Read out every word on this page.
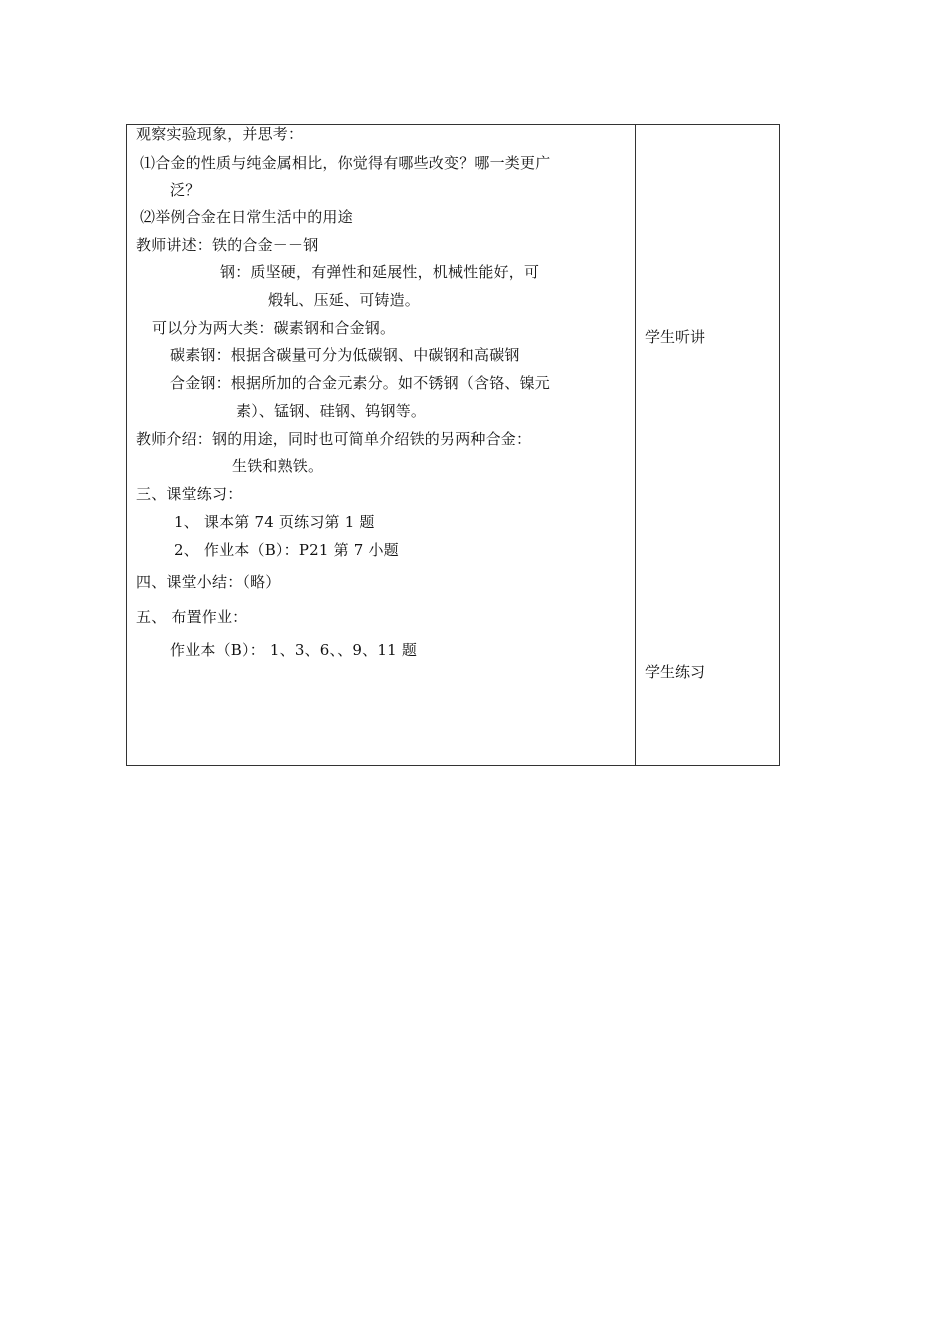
观察实验现象，并思考：
⑴合金的性质与纯金属相比，你觉得有哪些改变？哪一类更广
泛？
⑵举例合金在日常生活中的用途
教师讲述：铁的合金－－钢
钢：质坚硬，有弹性和延展性，机械性能好，可
煅轧、压延、可铸造。
可以分为两大类：碳素钢和合金钢。
碳素钢：根据含碳量可分为低碳钢、中碳钢和高碳钢
合金钢：根据所加的合金元素分。如不锈钢（含铬、镍元
素）、锰钢、硅钢、钨钢等。
教师介绍：钢的用途，同时也可简单介绍铁的另两种合金：
生铁和熟铁。
三、课堂练习：
1、 课本第 74 页练习第 1 题
2、 作业本（B）：P21 第 7 小题
四、课堂小结：（略）
五、 布置作业：
作业本（B）： 1、3、6、、9、11 题
学生听讲
学生练习
